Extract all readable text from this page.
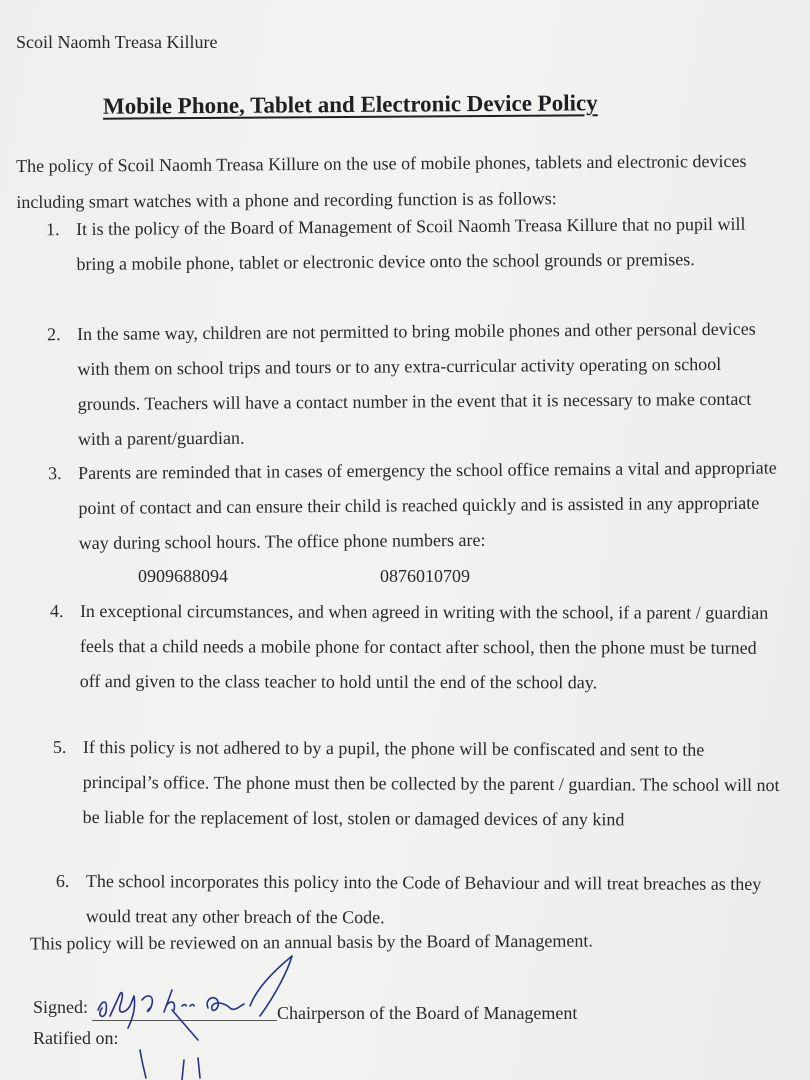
Scoil Naomh Treasa Killure
Mobile Phone, Tablet and Electronic Device Policy
The policy of Scoil Naomh Treasa Killure on the use of mobile phones, tablets and electronic devices including smart watches with a phone and recording function is as follows:
1. It is the policy of the Board of Management of Scoil Naomh Treasa Killure that no pupil will bring a mobile phone, tablet or electronic device onto the school grounds or premises.
2. In the same way, children are not permitted to bring mobile phones and other personal devices with them on school trips and tours or to any extra-curricular activity operating on school grounds. Teachers will have a contact number in the event that it is necessary to make contact with a parent/guardian.
3. Parents are reminded that in cases of emergency the school office remains a vital and appropriate point of contact and can ensure their child is reached quickly and is assisted in any appropriate way during school hours. The office phone numbers are:
0909688094	0876010709
4. In exceptional circumstances, and when agreed in writing with the school, if a parent / guardian feels that a child needs a mobile phone for contact after school, then the phone must be turned off and given to the class teacher to hold until the end of the school day.
5. If this policy is not adhered to by a pupil, the phone will be confiscated and sent to the principal’s office. The phone must then be collected by the parent / guardian. The school will not be liable for the replacement of lost, stolen or damaged devices of any kind
6. The school incorporates this policy into the Code of Behaviour and will treat breaches as they would treat any other breach of the Code.
This policy will be reviewed on an annual basis by the Board of Management.
Signed:	Chairperson of the Board of Management
Ratified on:
